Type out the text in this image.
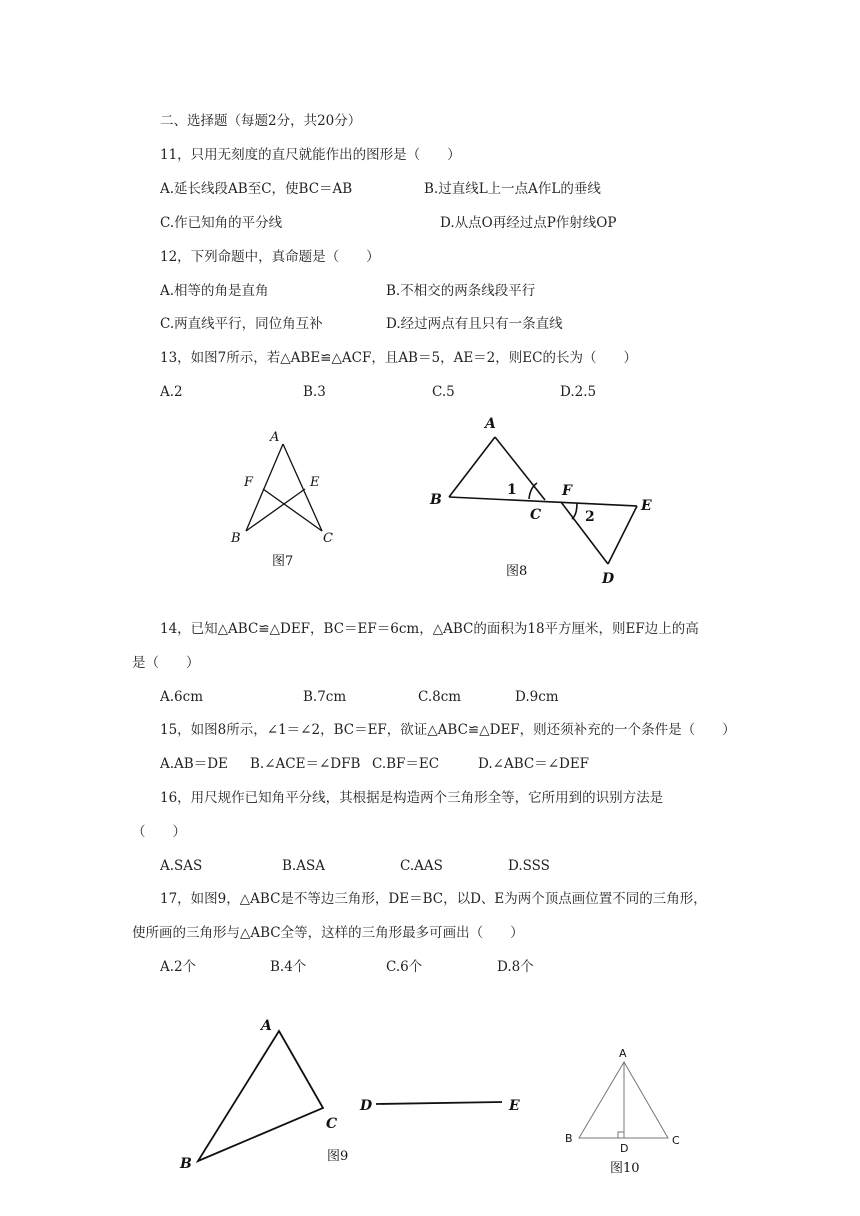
二、选择题（每题2分，共20分）
11，只用无刻度的直尺就能作出的图形是（　　）
A.延长线段AB至C，使BC＝AB	B.过直线L上一点A作L的垂线
C.作已知角的平分线	D.从点O再经过点P作射线OP
12，下列命题中，真命题是（　　）
A.相等的角是直角	B.不相交的两条线段平行
C.两直线平行，同位角互补	D.经过两点有且只有一条直线
13，如图7所示，若△ABE≌△ACF，且AB＝5，AE＝2，则EC的长为（　　）
A.2	B.3	C.5	D.2.5
14，已知△ABC≌△DEF，BC＝EF＝6cm，△ABC的面积为18平方厘米，则EF边上的高
是（　　）
A.6cm	B.7cm	C.8cm	D.9cm
15，如图8所示，∠1＝∠2，BC＝EF，欲证△ABC≌△DEF，则还须补充的一个条件是（　　）
A.AB＝DE B.∠ACE＝∠DFB C.BF＝EC	D.∠ABC＝∠DEF
16，用尺规作已知角平分线，其根据是构造两个三角形全等，它所用到的识别方法是
（　　）
A.SAS	B.ASA	C.AAS	D.SSS
17，如图9，△ABC是不等边三角形，DE＝BC，以D、E为两个顶点画位置不同的三角形，
使所画的三角形与△ABC全等，这样的三角形最多可画出（　　）
A.2个	B.4个	C.6个	D.8个
A
F	E
B	C
图7
A
B
C
F
E
D
1
2
图8
A
B
C
D	E
图9
A
B	C
D
图10
